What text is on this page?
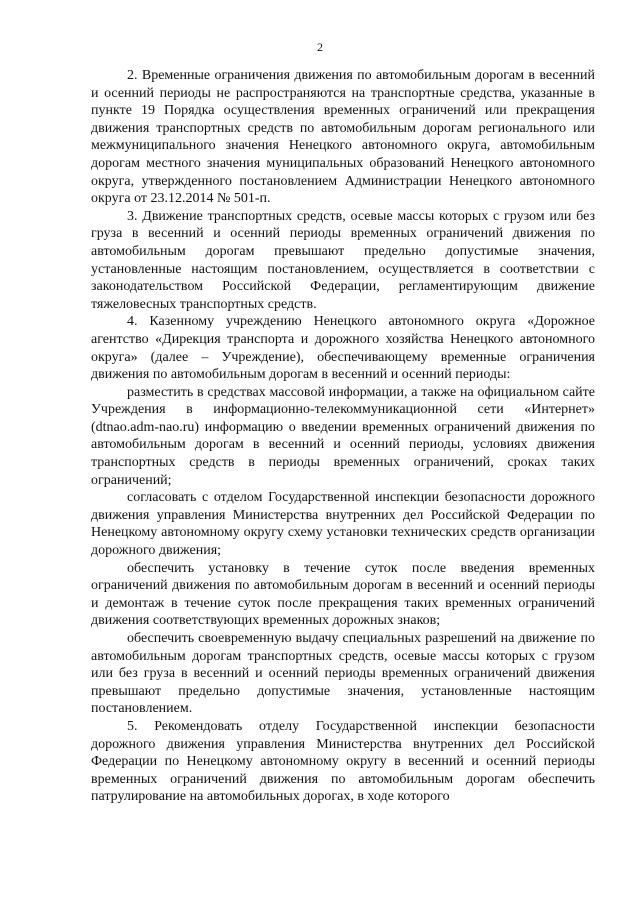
2

2. Временные ограничения движения по автомобильным дорогам в весенний и осенний периоды не распространяются на транспортные средства, указанные в пункте 19 Порядка осуществления временных ограничений или прекращения движения транспортных средств по автомобильным дорогам регионального или межмуниципального значения Ненецкого автономного округа, автомобильным дорогам местного значения муниципальных образований Ненецкого автономного округа, утвержденного постановлением Администрации Ненецкого автономного округа от 23.12.2014 № 501-п.

3. Движение транспортных средств, осевые массы которых с грузом или без груза в весенний и осенний периоды временных ограничений движения по автомобильным дорогам превышают предельно допустимые значения, установленные настоящим постановлением, осуществляется в соответствии с законодательством Российской Федерации, регламентирующим движение тяжеловесных транспортных средств.

4. Казенному учреждению Ненецкого автономного округа «Дорожное агентство «Дирекция транспорта и дорожного хозяйства Ненецкого автономного округа» (далее – Учреждение), обеспечивающему временные ограничения движения по автомобильным дорогам в весенний и осенний периоды:

разместить в средствах массовой информации, а также на официальном сайте Учреждения в информационно-телекоммуникационной сети «Интернет» (dtnao.adm-nao.ru) информацию о введении временных ограничений движения по автомобильным дорогам в весенний и осенний периоды, условиях движения транспортных средств в периоды временных ограничений, сроках таких ограничений;

согласовать с отделом Государственной инспекции безопасности дорожного движения управления Министерства внутренних дел Российской Федерации по Ненецкому автономному округу схему установки технических средств организации дорожного движения;

обеспечить установку в течение суток после введения временных ограничений движения по автомобильным дорогам в весенний и осенний периоды и демонтаж в течение суток после прекращения таких временных ограничений движения соответствующих временных дорожных знаков;

обеспечить своевременную выдачу специальных разрешений на движение по автомобильным дорогам транспортных средств, осевые массы которых с грузом или без груза в весенний и осенний периоды временных ограничений движения превышают предельно допустимые значения, установленные настоящим постановлением.

5. Рекомендовать отделу Государственной инспекции безопасности дорожного движения управления Министерства внутренних дел Российской Федерации по Ненецкому автономному округу в весенний и осенний периоды временных ограничений движения по автомобильным дорогам обеспечить патрулирование на автомобильных дорогах, в ходе которого
